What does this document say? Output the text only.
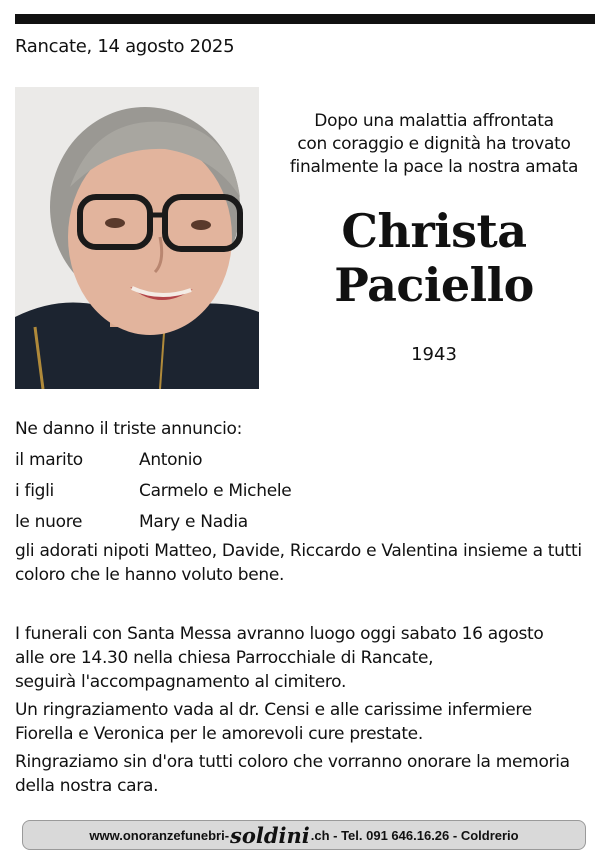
Rancate, 14 agosto 2025
Dopo una malattia affrontata
con coraggio e dignità ha trovato
finalmente la pace la nostra amata
Christa
Paciello
1943
Ne danno il triste annuncio:
il marito	Antonio
i figli	Carmelo e Michele
le nuore	Mary e Nadia
gli adorati nipoti Matteo, Davide, Riccardo e Valentina insieme a tutti coloro che le hanno voluto bene.

I funerali con Santa Messa avranno luogo oggi sabato 16 agosto
alle ore 14.30 nella chiesa Parrocchiale di Rancate,
seguirà l'accompagnamento al cimitero.

Un ringraziamento vada al dr. Censi e alle carissime infermiere
Fiorella e Veronica per le amorevoli cure prestate.

Ringraziamo sin d'ora tutti coloro che vorranno onorare la memoria
della nostra cara.

www.onoranzefunebri- soldini .ch - Tel. 091 646.16.26 - Coldrerio
